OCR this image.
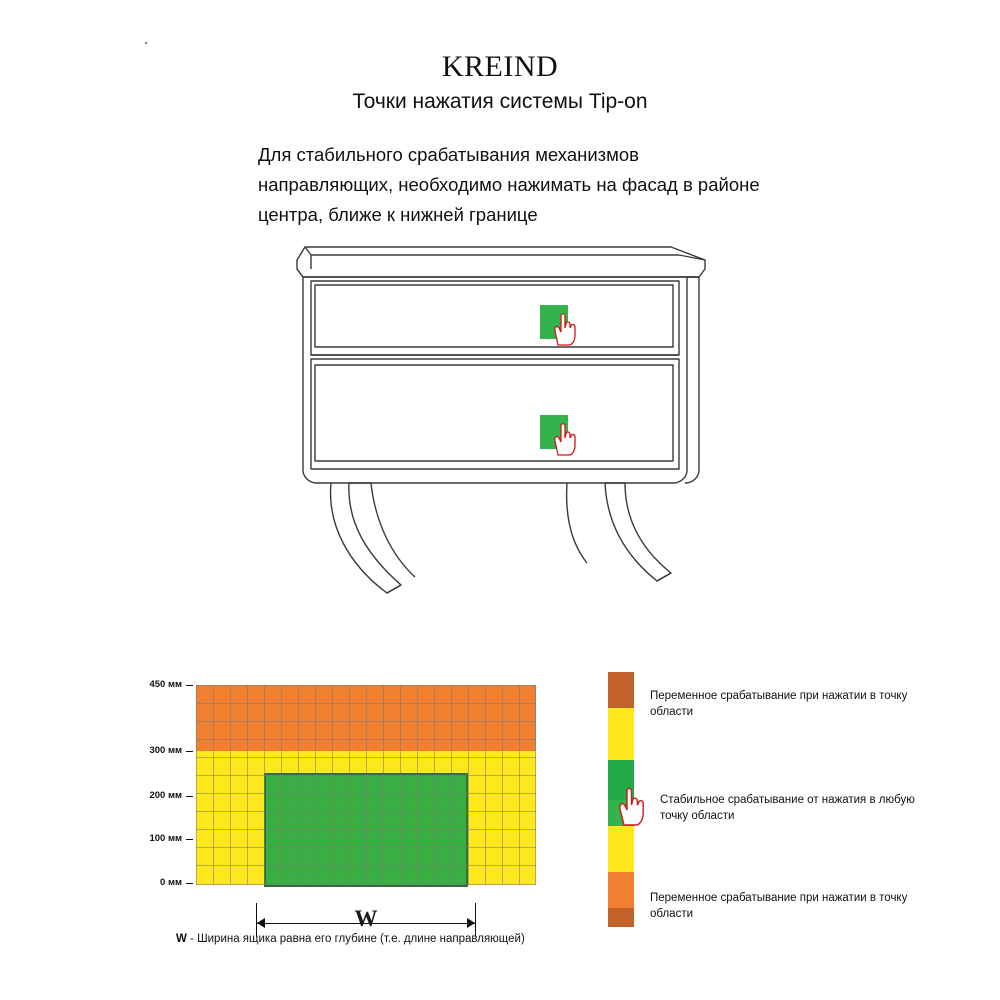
KREIND
Точки нажатия системы Tip-on
Для стабильного срабатывания механизмов направляющих, необходимо нажимать на фасад в районе центра, ближе к нижней границе
450 мм
300 мм
200 мм
100 мм
0 мм
W
W - Ширина ящика равна его глубине (т.е. длине направляющей)
Переменное срабатывание при нажатии в точку области
Стабильное срабатывание от нажатия в любую точку области
Переменное срабатывание при нажатии в точку области
